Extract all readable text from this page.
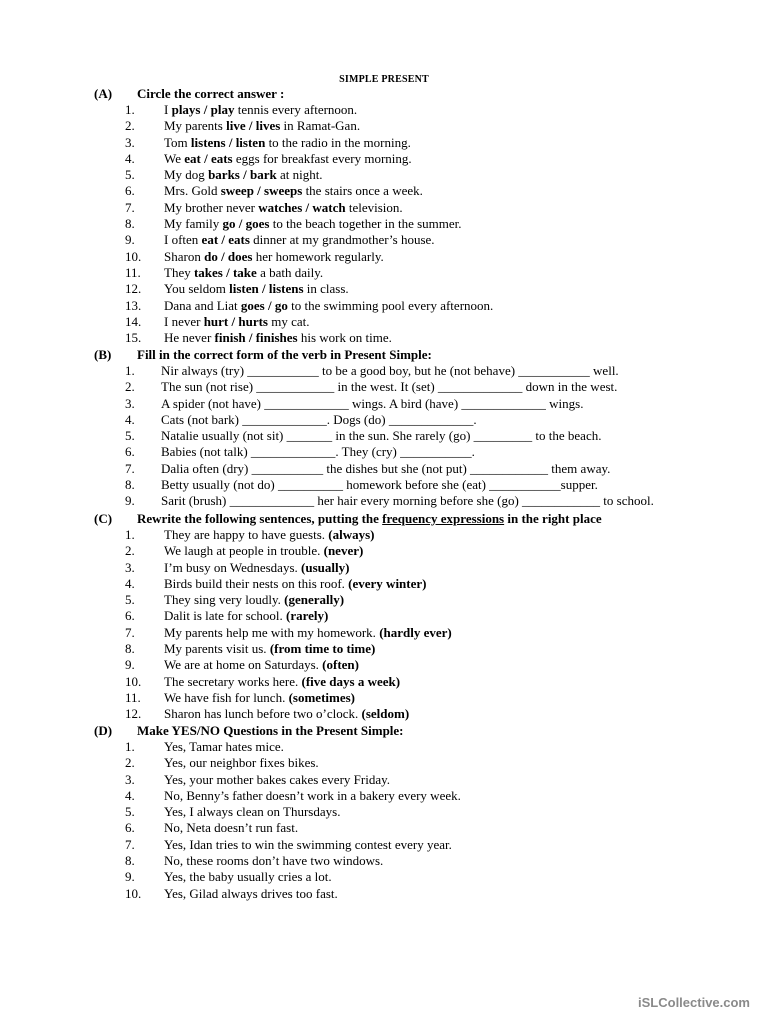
SIMPLE PRESENT
(A) Circle the correct answer :
1. I plays / play tennis every afternoon.
2. My parents live / lives in Ramat-Gan.
3. Tom listens / listen to the radio in the morning.
4. We eat / eats eggs for breakfast every morning.
5. My dog barks / bark at night.
6. Mrs. Gold sweep / sweeps the stairs once a week.
7. My brother never watches / watch television.
8. My family go / goes to the beach together in the summer.
9. I often eat / eats dinner at my grandmother’s house.
10. Sharon do / does her homework regularly.
11. They takes / take a bath daily.
12. You seldom listen / listens in class.
13. Dana and Liat goes / go to the swimming pool every afternoon.
14. I never hurt / hurts my cat.
15. He never finish / finishes his work on time.
(B) Fill in the correct form of the verb in Present Simple:
1. Nir always (try) ___________ to be a good boy, but he (not behave) ___________ well.
2. The sun (not rise) ____________ in the west. It (set) _____________ down in the west.
3. A spider (not have) _____________ wings. A bird (have) _____________ wings.
4. Cats (not bark) _____________. Dogs (do) _____________.
5. Natalie usually (not sit) _______ in the sun. She rarely (go) _________ to the beach.
6. Babies (not talk) _____________. They (cry) ___________.
7. Dalia often (dry) ___________ the dishes but she (not put) ____________ them away.
8. Betty usually (not do) __________ homework before she (eat) ___________supper.
9. Sarit (brush) _____________ her hair every morning before she (go) ____________ to school.
(C) Rewrite the following sentences, putting the frequency expressions in the right place
1. They are happy to have guests. (always)
2. We laugh at people in trouble. (never)
3. I’m busy on Wednesdays. (usually)
4. Birds build their nests on this roof. (every winter)
5. They sing very loudly. (generally)
6. Dalit is late for school. (rarely)
7. My parents help me with my homework. (hardly ever)
8. My parents visit us. (from time to time)
9. We are at home on Saturdays. (often)
10. The secretary works here. (five days a week)
11. We have fish for lunch. (sometimes)
12. Sharon has lunch before two o’clock. (seldom)
(D) Make YES/NO Questions in the Present Simple:
1. Yes, Tamar hates mice.
2. Yes, our neighbor fixes bikes.
3. Yes, your mother bakes cakes every Friday.
4. No, Benny’s father doesn’t work in a bakery every week.
5. Yes, I always clean on Thursdays.
6. No, Neta doesn’t run fast.
7. Yes, Idan tries to win the swimming contest every year.
8. No, these rooms don’t have two windows.
9. Yes, the baby usually cries a lot.
10. Yes, Gilad always drives too fast.
iSLCollective.com
